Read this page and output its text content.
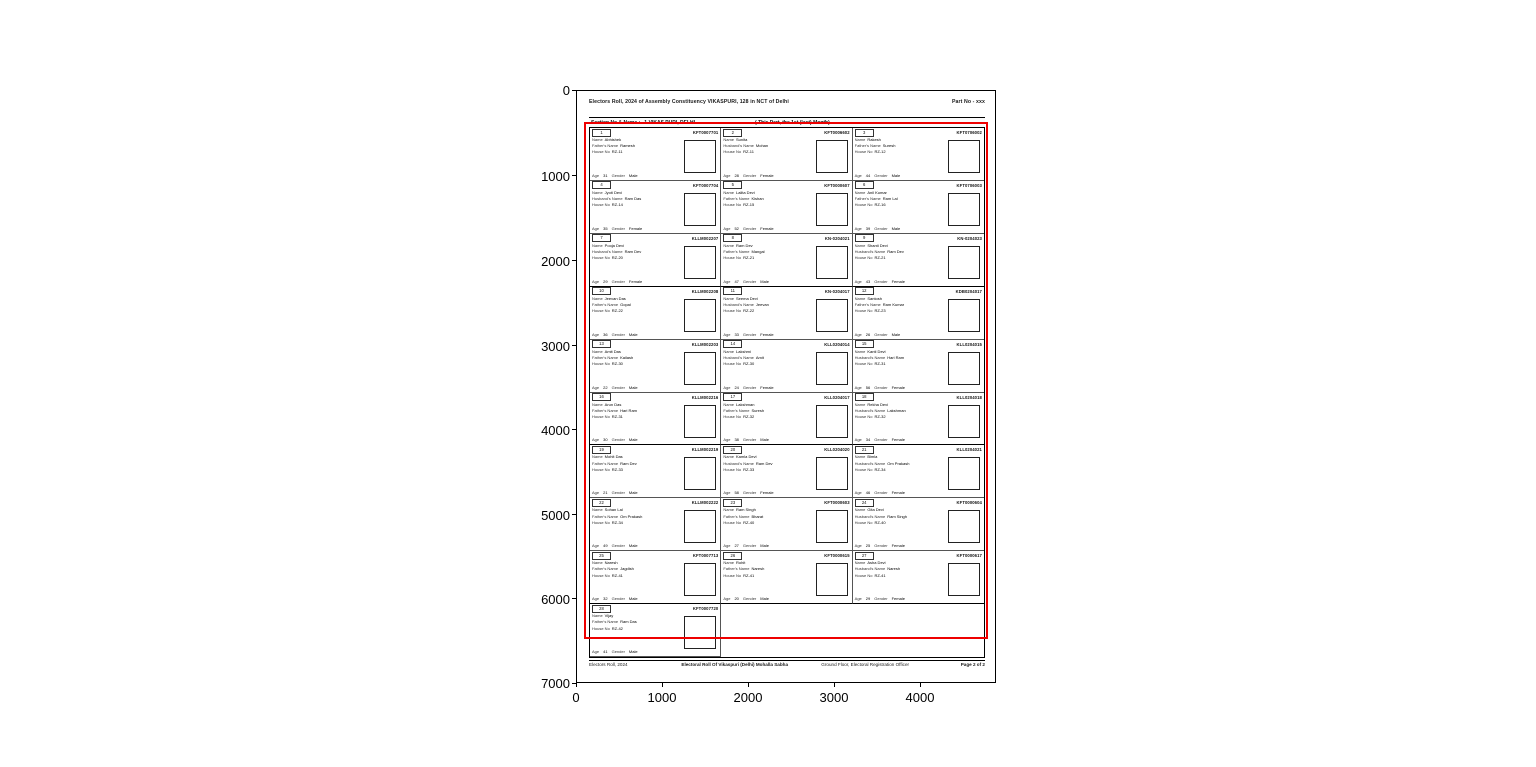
0
1000
2000
3000
4000
5000
6000
7000
0	1000	2000	3000	4000
Electors Roll, 2024 of Assembly Constituency VIKASPURI, 128 in NCT of Delhi	Part No - xxx
Section No & Name : 1-VIKAS PURI, DELHI	( This Part, the 1st (last) Month)
1	KFT0007701
Name Abhishek
Father's Name Ramesh
House No RZ-11
Age 31 Gender Male
2	KFT0006602
Name Sunita
Husband's Name Mohan
House No RZ-11
Age 28 Gender Female
3	KFT0706002
Name Rakesh
Father's Name Suresh
House No RZ-12
Age 44 Gender Male
4	KFT0007704
Name Jyoti Devi
Husband's Name Ram Das
House No RZ-14
Age 35 Gender Female
5	KFT0000607
Name Lalita Devi
Father's Name Kishan
House No RZ-15
Age 52 Gender Female
6	KFT0706003
Name Anil Kumar
Father's Name Ram Lal
House No RZ-16
Age 39 Gender Male
7	KLLM002207
Name Pooja Devi
Husband's Name Ram Dev
House No RZ-20
Age 29 Gender Female
8	KN-0204021
Name Ram Dev
Father's Name Mangal
House No RZ-21
Age 47 Gender Male
9	KN-0204023
Name Shanti Devi
Husband's Name Ram Dev
House No RZ-21
Age 43 Gender Female
10	KLLM002208
Name Jeevan Das
Father's Name Gopal
House No RZ-22
Age 36 Gender Male
11	KN-0204017
Name Seema Devi
Husband's Name Jeevan
House No RZ-22
Age 33 Gender Female
12	KDB0204017
Name Santosh
Father's Name Ram Kumar
House No RZ-23
Age 26 Gender Male
13	KLLM002203
Name Amit Das
Father's Name Kailash
House No RZ-30
Age 22 Gender Male
14	KLL0204014
Name Lakshmi
Husband's Name Amit
House No RZ-30
Age 24 Gender Female
15	KLL0204015
Name Kanti Devi
Husband's Name Hari Ram
House No RZ-31
Age 56 Gender Female
16	KLLM002216
Name Arun Das
Father's Name Hari Ram
House No RZ-31
Age 30 Gender Male
17	KLL0204017
Name Lakshman
Father's Name Suresh
House No RZ-32
Age 38 Gender Male
18	KLL0204018
Name Rekha Devi
Husband's Name Lakshman
House No RZ-32
Age 34 Gender Female
19	KLLM002219
Name Mohit Das
Father's Name Ram Dev
House No RZ-33
Age 21 Gender Male
20	KLL0204020
Name Kamla Devi
Husband's Name Ram Dev
House No RZ-33
Age 58 Gender Female
21	KLL0204021
Name Bimla
Husband's Name Om Prakash
House No RZ-34
Age 46 Gender Female
22	KLLM002222
Name Sohan Lal
Father's Name Om Prakash
House No RZ-34
Age 49 Gender Male
23	KFT0000603
Name Ram Singh
Father's Name Bharat
House No RZ-40
Age 27 Gender Male
24	KFT0000604
Name Gita Devi
Husband's Name Ram Singh
House No RZ-40
Age 25 Gender Female
25	KFT0007713
Name Naresh
Father's Name Jagdish
House No RZ-41
Age 32 Gender Male
26	KFT0000615
Name Rohit
Father's Name Naresh
House No RZ-41
Age 20 Gender Male
27	KFT0000617
Name Asha Devi
Husband's Name Naresh
House No RZ-41
Age 29 Gender Female
28	KFT0007720
Name Vijay
Father's Name Ram Das
House No RZ-42
Age 41 Gender Male
Electors Roll, 2024	Electoral Roll Of Vikaspuri (Delhi) Mohalla Sabha	Ground Floor, Electoral Registration Officer	Page 2 of 2
